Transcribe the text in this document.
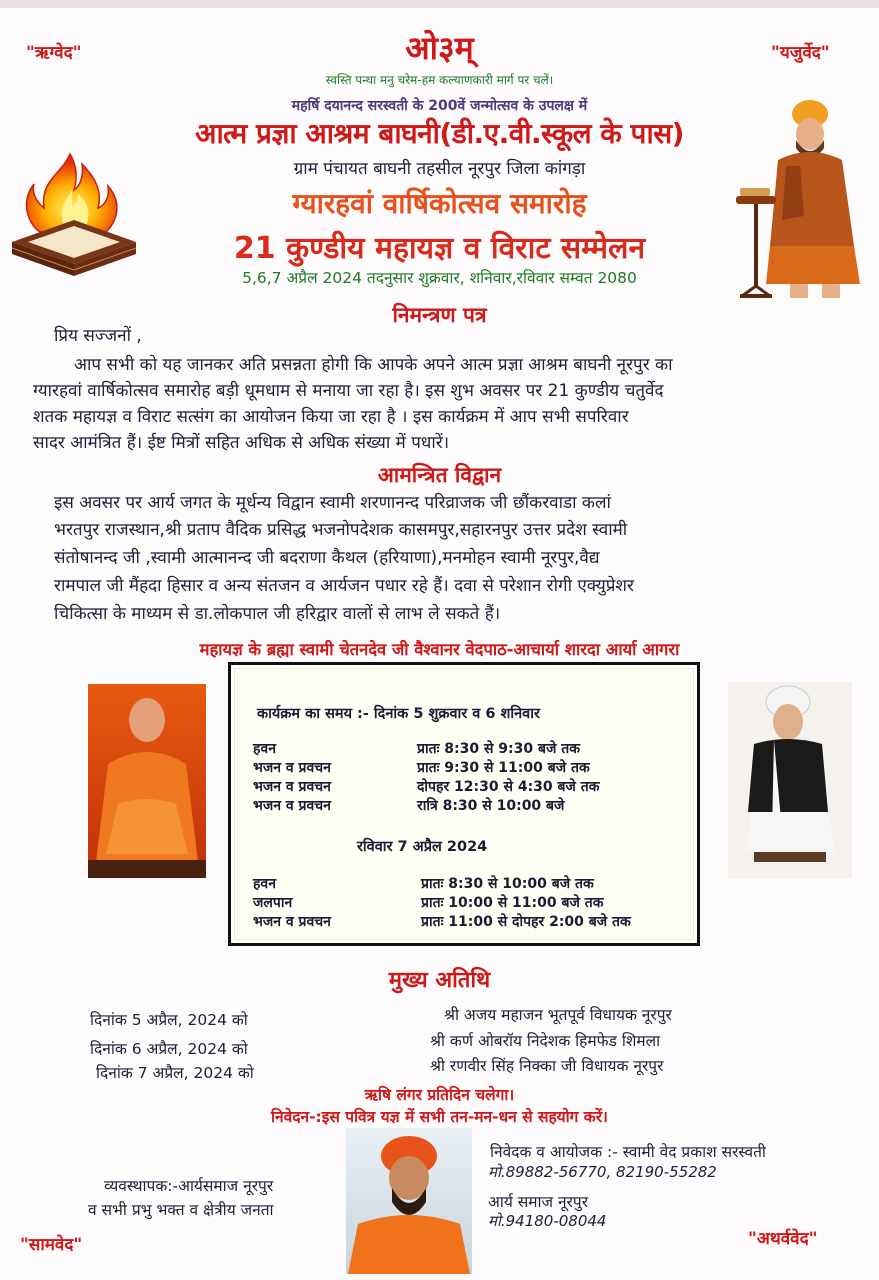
"ऋग्वेद"	"यजुर्वेद"
"सामवेद"	"अथर्ववेद"
ओ३म्
स्वस्ति पन्था मनु चरेम-हम कल्याणकारी मार्ग पर चलें।
महर्षि दयानन्द सरस्वती के 200वें जन्मोत्सव के उपलक्ष में
आत्म प्रज्ञा आश्रम बाघनी(डी.ए.वी.स्कूल के पास)
ग्राम पंचायत बाघनी तहसील नूरपुर जिला कांगड़ा
ग्यारहवां वार्षिकोत्सव समारोह
21 कुण्डीय महायज्ञ व विराट सम्मेलन
5,6,7 अप्रैल 2024 तदनुसार शुक्रवार, शनिवार,रविवार सम्वत 2080
निमन्त्रण पत्र
प्रिय सज्जनों ,
आप सभी को यह जानकर अति प्रसन्नता होगी कि आपके अपने आत्म प्रज्ञा आश्रम बाघनी नूरपुर का
ग्यारहवां वार्षिकोत्सव समारोह बड़ी धूमधाम से मनाया जा रहा है। इस शुभ अवसर पर 21 कुण्डीय चतुर्वेद
शतक महायज्ञ व विराट सत्संग का आयोजन किया जा रहा है । इस कार्यक्रम में आप सभी सपरिवार
सादर आमंत्रित हैं। ईष्ट मित्रों सहित अधिक से अधिक संख्या में पधारें।
आमन्त्रित विद्वान
इस अवसर पर आर्य जगत के मूर्धन्य विद्वान स्वामी शरणानन्द परिव्राजक जी छौंकरवाडा कलां
भरतपुर राजस्थान,श्री प्रताप वैदिक प्रसिद्ध भजनोपदेशक कासमपुर,सहारनपुर उत्तर प्रदेश स्वामी
संतोषानन्द जी ,स्वामी आत्मानन्द जी बदराणा कैथल (हरियाणा),मनमोहन स्वामी नूरपुर,वैद्य
रामपाल जी मैंहदा हिसार व अन्य संतजन व आर्यजन पधार रहे हैं। दवा से परेशान रोगी एक्युप्रेशर
चिकित्सा के माध्यम से डा.लोकपाल जी हरिद्वार वालों से लाभ ले सकते हैं।
महायज्ञ के ब्रह्मा स्वामी चेतनदेव जी वैश्वानर वेदपाठ-आचार्या शारदा आर्या आगरा
कार्यक्रम का समय :- दिनांक 5 शुक्रवार व 6 शनिवार
हवन	प्रातः 8:30 से 9:30 बजे तक
भजन व प्रवचन	प्रातः 9:30 से 11:00 बजे तक
भजन व प्रवचन	दोपहर 12:30 से 4:30 बजे तक
भजन व प्रवचन	रात्रि 8:30 से 10:00 बजे
रविवार 7 अप्रैल 2024
हवन	प्रातः 8:30 से 10:00 बजे तक
जलपान	प्रातः 10:00 से 11:00 बजे तक
भजन व प्रवचन	प्रातः 11:00 से दोपहर 2:00 बजे तक
मुख्य अतिथि
दिनांक 5 अप्रैल, 2024 को	श्री अजय महाजन भूतपूर्व विधायक नूरपुर
दिनांक 6 अप्रैल, 2024 को	श्री कर्ण ओबरॉय निदेशक हिमफेड शिमला
दिनांक 7 अप्रैल, 2024 को	श्री रणवीर सिंह निक्का जी विधायक नूरपुर
ऋषि लंगर प्रतिदिन चलेगा।
निवेदन-:इस पवित्र यज्ञ में सभी तन-मन-धन से सहयोग करें।
निवेदक व आयोजक :- स्वामी वेद प्रकाश सरस्वती
मो.89882-56770, 82190-55282
आर्य समाज नूरपुर
मो.94180-08044
व्यवस्थापक:-आर्यसमाज नूरपुर
व सभी प्रभु भक्त व क्षेत्रीय जनता
